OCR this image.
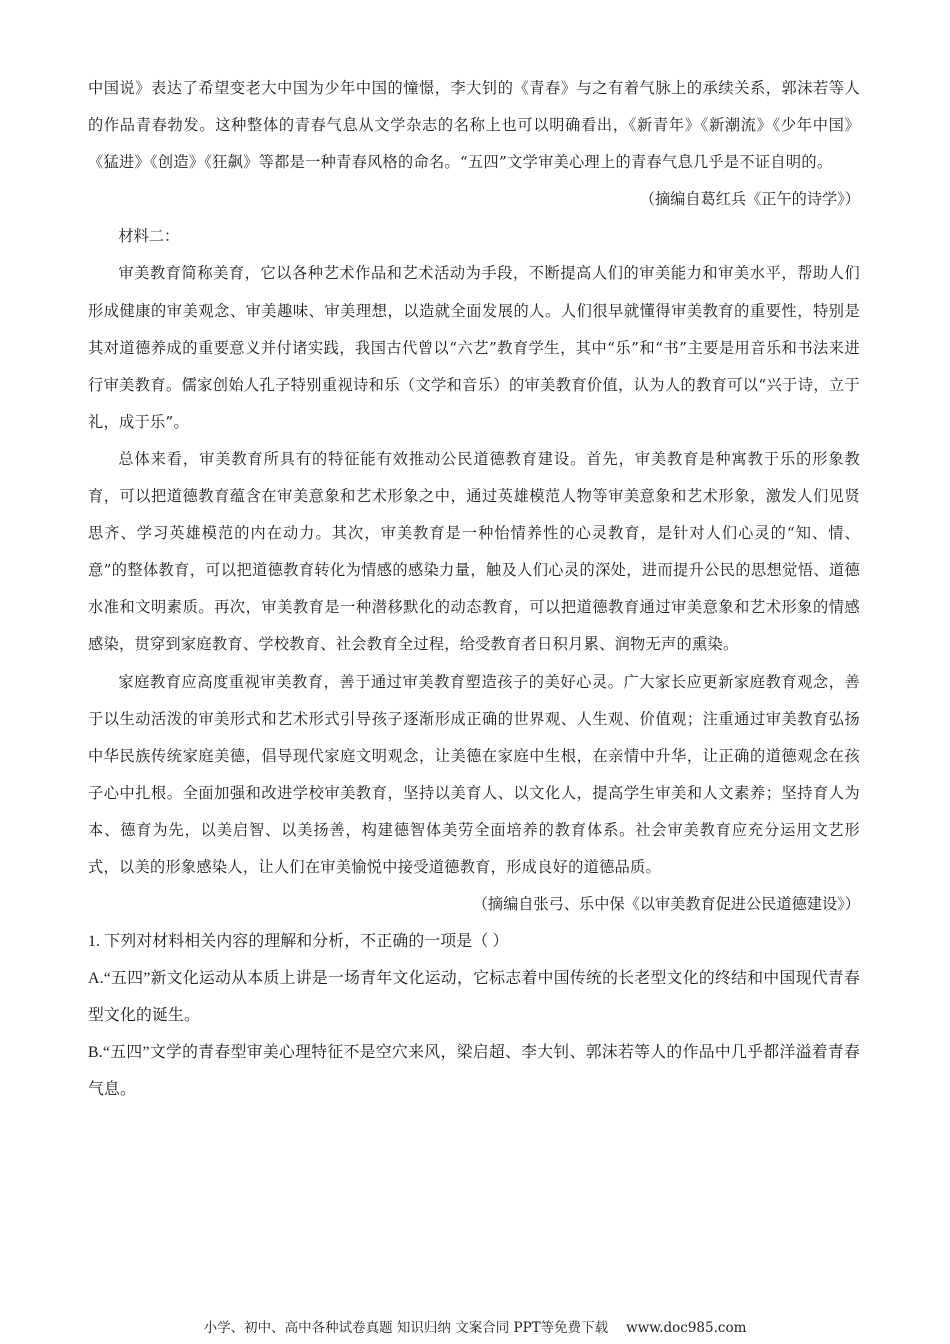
中国说》表达了希望变老大中国为少年中国的憧憬，李大钊的《青春》与之有着气脉上的承续关系，郭沫若等人的作品青春勃发。这种整体的青春气息从文学杂志的名称上也可以明确看出，《新青年》《新潮流》《少年中国》《猛进》《创造》《狂飙》等都是一种青春风格的命名。“五四”文学审美心理上的青春气息几乎是不证自明的。

（摘编自葛红兵《正午的诗学》）

材料二：

审美教育简称美育，它以各种艺术作品和艺术活动为手段，不断提高人们的审美能力和审美水平，帮助人们形成健康的审美观念、审美趣味、审美理想，以造就全面发展的人。人们很早就懂得审美教育的重要性，特别是其对道德养成的重要意义并付诸实践，我国古代曾以“六艺”教育学生，其中“乐”和“书”主要是用音乐和书法来进行审美教育。儒家创始人孔子特别重视诗和乐（文学和音乐）的审美教育价值，认为人的教育可以“兴于诗，立于礼，成于乐”。

总体来看，审美教育所具有的特征能有效推动公民道德教育建设。首先，审美教育是种寓教于乐的形象教育，可以把道德教育蕴含在审美意象和艺术形象之中，通过英雄模范人物等审美意象和艺术形象，激发人们见贤思齐、学习英雄模范的内在动力。其次，审美教育是一种怡情养性的心灵教育，是针对人们心灵的“知、情、意”的整体教育，可以把道德教育转化为情感的感染力量，触及人们心灵的深处，进而提升公民的思想觉悟、道德水准和文明素质。再次，审美教育是一种潜移默化的动态教育，可以把道德教育通过审美意象和艺术形象的情感感染，贯穿到家庭教育、学校教育、社会教育全过程，给受教育者日积月累、润物无声的熏染。

家庭教育应高度重视审美教育，善于通过审美教育塑造孩子的美好心灵。广大家长应更新家庭教育观念，善于以生动活泼的审美形式和艺术形式引导孩子逐渐形成正确的世界观、人生观、价值观；注重通过审美教育弘扬中华民族传统家庭美德，倡导现代家庭文明观念，让美德在家庭中生根，在亲情中升华，让正确的道德观念在孩子心中扎根。全面加强和改进学校审美教育，坚持以美育人、以文化人，提高学生审美和人文素养；坚持育人为本、德育为先，以美启智、以美扬善，构建德智体美劳全面培养的教育体系。社会审美教育应充分运用文艺形式，以美的形象感染人，让人们在审美愉悦中接受道德教育，形成良好的道德品质。

（摘编自张弓、乐中保《以审美教育促进公民道德建设》）

1. 下列对材料相关内容的理解和分析，不正确的一项是（ ）

A.“五四”新文化运动从本质上讲是一场青年文化运动，它标志着中国传统的长老型文化的终结和中国现代青春型文化的诞生。

B.“五四”文学的青春型审美心理特征不是空穴来风，梁启超、李大钊、郭沫若等人的作品中几乎都洋溢着青春气息。

小学、初中、高中各种试卷真题 知识归纳 文案合同 PPT等免费下载 www.doc985.com
